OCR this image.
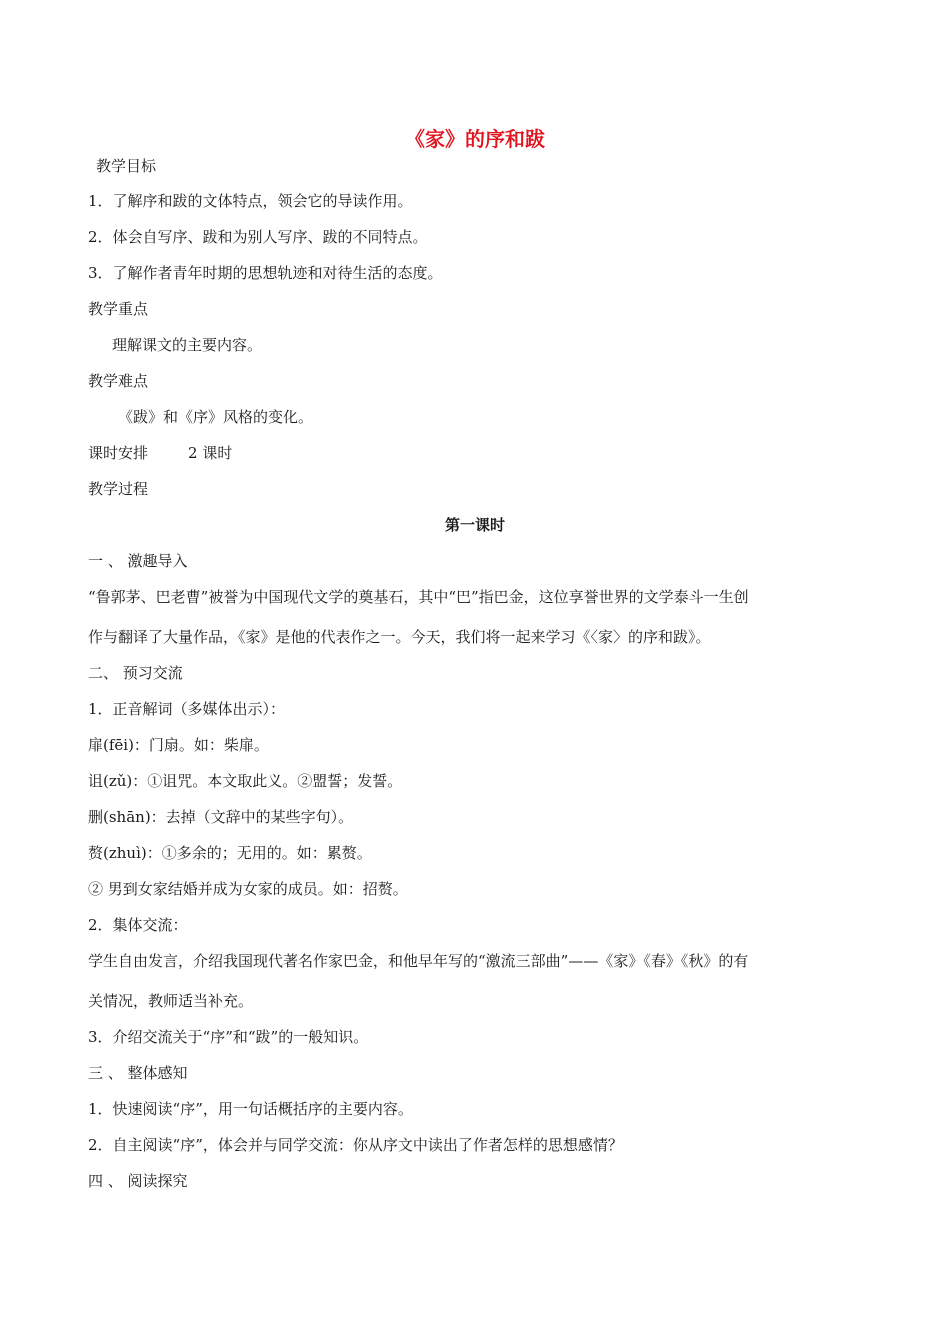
《家》的序和跋
教学目标
1．了解序和跋的文体特点，领会它的导读作用。
2．体会自写序、跋和为别人写序、跋的不同特点。
3．了解作者青年时期的思想轨迹和对待生活的态度。
教学重点
理解课文的主要内容。
教学难点
《跋》和《序》风格的变化。
课时安排	2 课时
教学过程
第一课时
一 、 激趣导入
“鲁郭茅、巴老曹”被誉为中国现代文学的奠基石，其中“巴”指巴金，这位享誉世界的文学泰斗一生创
作与翻译了大量作品，《家》是他的代表作之一。今天，我们将一起来学习《〈家〉的序和跋》。
二、 预习交流
1．正音解词（多媒体出示）：
扉(fēi)：门扇。如：柴扉。
诅(zǔ)：①诅咒。本文取此义。②盟誓；发誓。
删(shān)：去掉（文辞中的某些字句）。
赘(zhuì)：①多余的；无用的。如：累赘。
② 男到女家结婚并成为女家的成员。如：招赘。
2．集体交流：
学生自由发言，介绍我国现代著名作家巴金，和他早年写的“激流三部曲”——《家》《春》《秋》的有
关情况，教师适当补充。
3．介绍交流关于“序”和“跋”的一般知识。
三 、 整体感知
1．快速阅读“序”，用一句话概括序的主要内容。
2．自主阅读“序”，体会并与同学交流：你从序文中读出了作者怎样的思想感情？
四 、 阅读探究
